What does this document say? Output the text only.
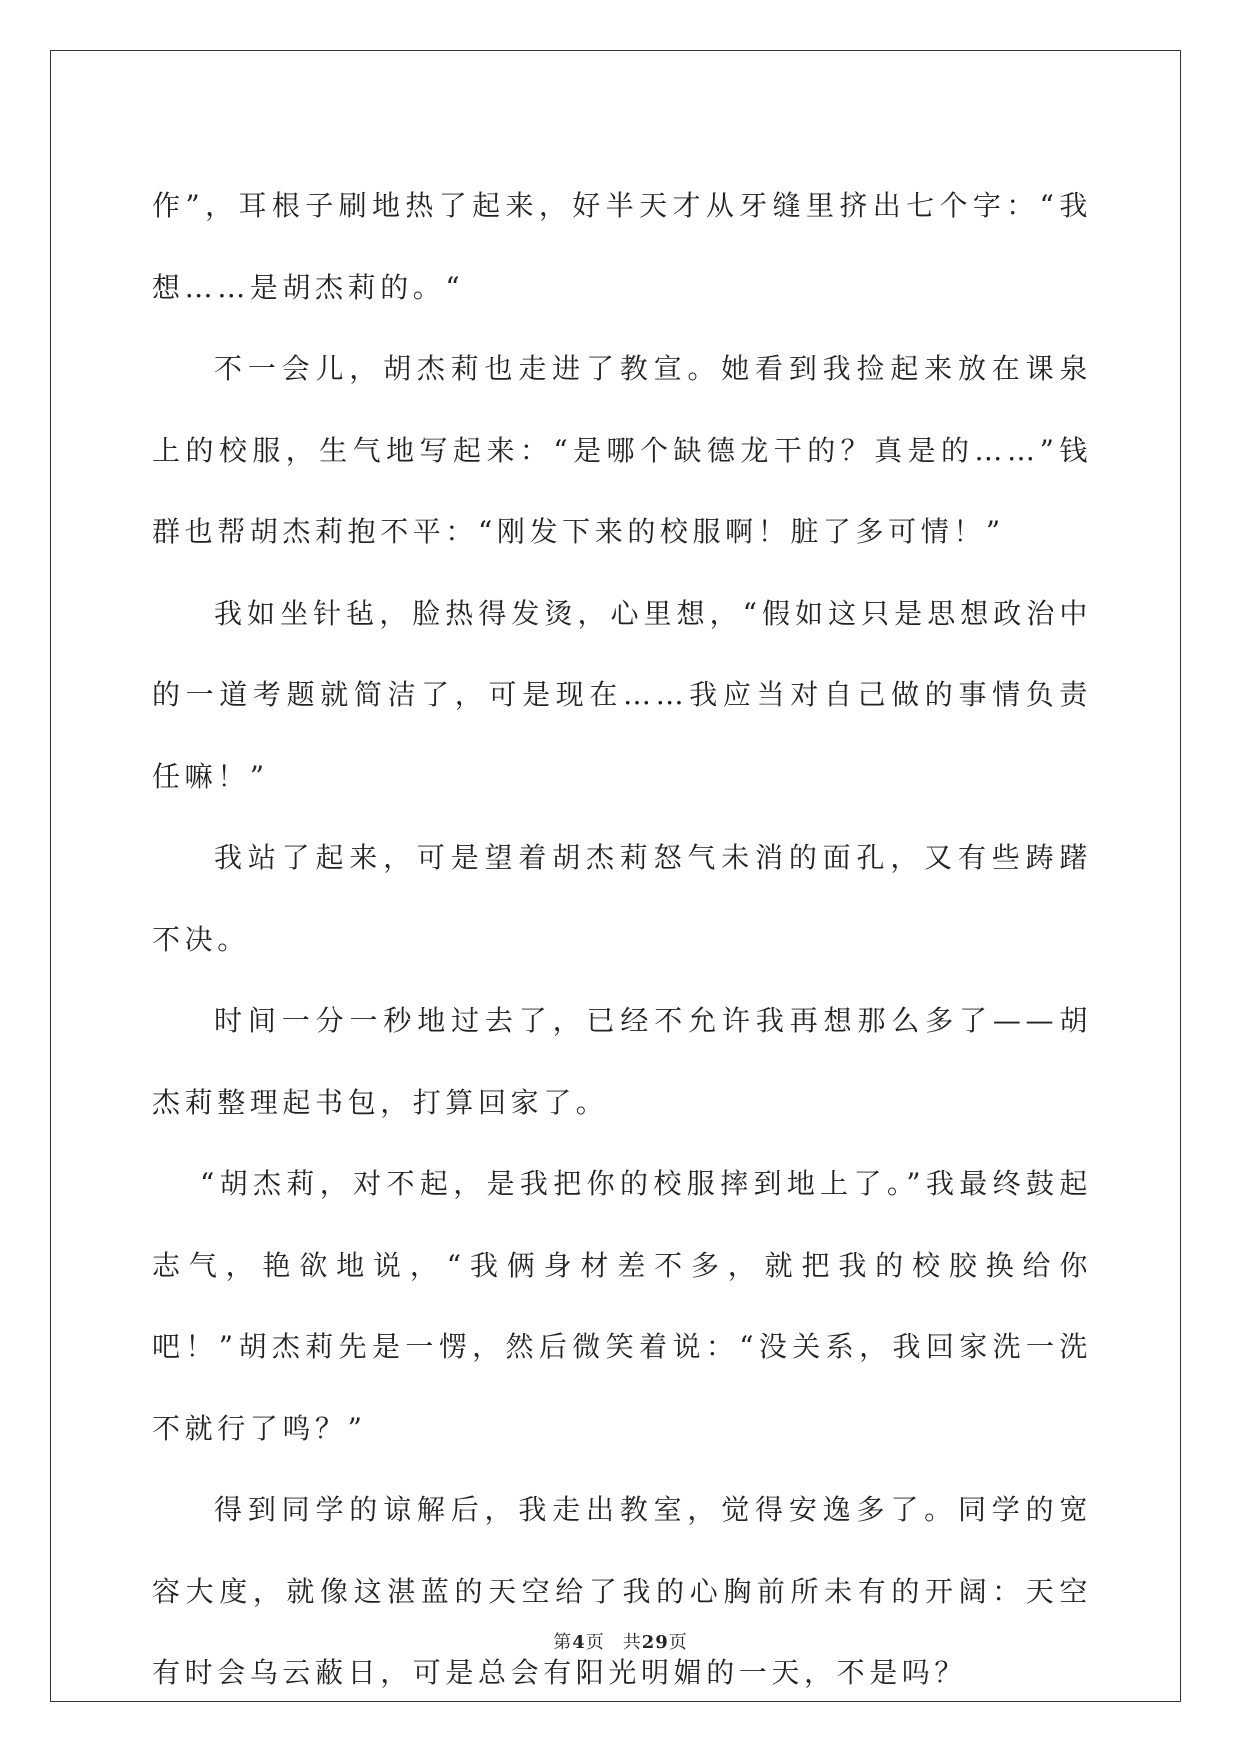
作”，耳根子刷地热了起来，好半天才从牙缝里挤出七个字：“我想……是胡杰莉的。“

不一会儿，胡杰莉也走进了教宣。她看到我捡起来放在课泉上的校服，生气地写起来：“是哪个缺德龙干的？真是的……”钱群也帮胡杰莉抱不平：“刚发下来的校服啊！脏了多可情！”

我如坐针毡，脸热得发烫，心里想，“假如这只是思想政治中的一道考题就简洁了，可是现在……我应当对自己做的事情负责任嘛！”

我站了起来，可是望着胡杰莉怒气未消的面孔，又有些踌躇不决。

时间一分一秒地过去了，已经不允许我再想那么多了——胡杰莉整理起书包，打算回家了。

“胡杰莉，对不起，是我把你的校服摔到地上了。”我最终鼓起志气，艳欲地说，“我俩身材差不多，就把我的校胶换给你吧！”胡杰莉先是一愣，然后微笑着说：“没关系，我回家洗一洗不就行了鸣？”

得到同学的谅解后，我走出教室，觉得安逸多了。同学的宽容大度，就像这湛蓝的天空给了我的心胸前所未有的开阔：天空有时会乌云蔽日，可是总会有阳光明媚的一天，不是吗？

第4页 共29页
